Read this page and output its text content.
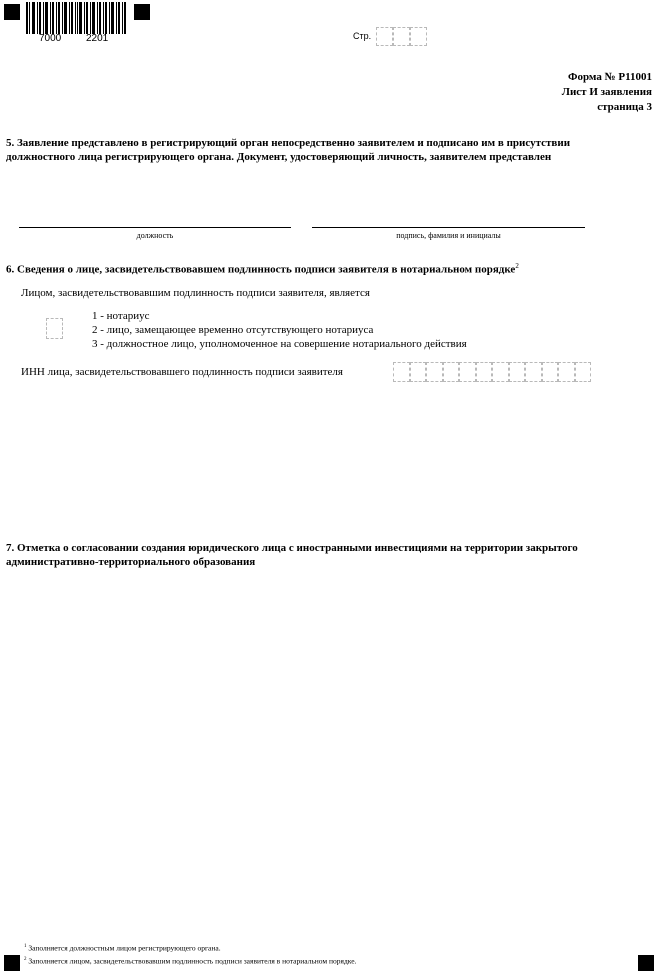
7000 2201	Стр.
Форма № Р11001
Лист И заявления
страница 3
5. Заявление представлено в регистрирующий орган непосредственно заявителем и подписано им в присутствии
должностного лица регистрирующего органа. Документ, удостоверяющий личность, заявителем представлен
должность	подпись, фамилия и инициалы
6. Сведения о лице, засвидетельствовавшем подлинность подписи заявителя в нотариальном порядке$^2$
Лицом, засвидетельствовавшим подлинность подписи заявителя, является
1 - нотариус
2 - лицо, замещающее временно отсутствующего нотариуса
3 - должностное лицо, уполномоченное на совершение нотариального действия
ИНН лица, засвидетельствовавшего подлинность подписи заявителя
7. Отметка о согласовании создания юридического лица с иностранными инвестициями на территории закрытого
административно-территориального образования
$^1$ Заполняется должностным лицом регистрирующего органа.
$^2$ Заполняется лицом, засвидетельствовавшим подлинность подписи заявителя в нотариальном порядке.
